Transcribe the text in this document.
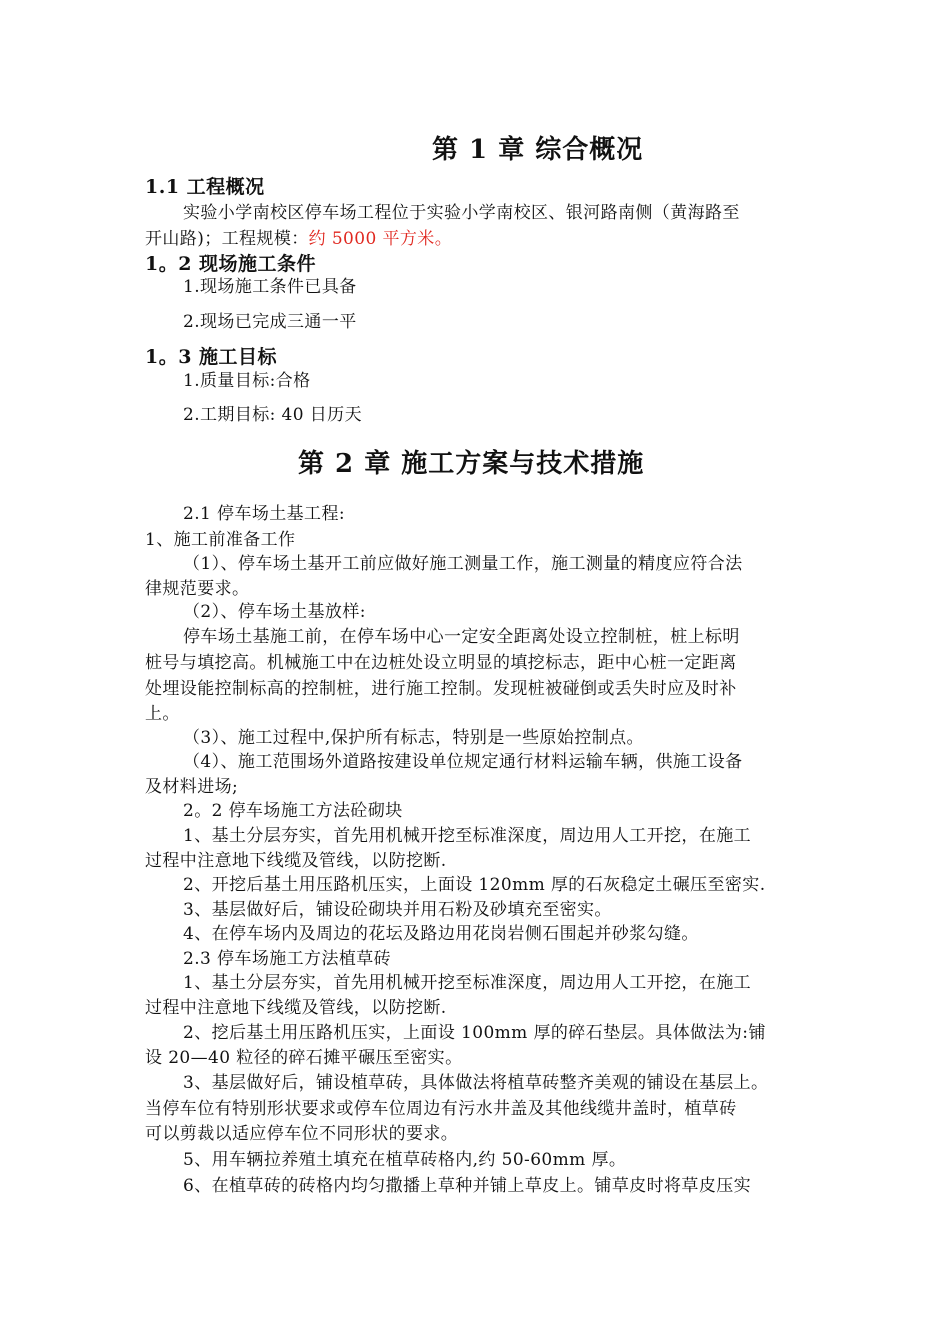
第 1 章 综合概况
1.1 工程概况
实验小学南校区停车场工程位于实验小学南校区、银河路南侧（黄海路至
开山路)；工程规模：约 5000 平方米。
1。2 现场施工条件
1.现场施工条件已具备
2.现场已完成三通一平
1。3 施工目标
1.质量目标:合格
2.工期目标: 40 日历天
第 2 章 施工方案与技术措施
2.1 停车场土基工程:
1、施工前准备工作
（1）、停车场土基开工前应做好施工测量工作，施工测量的精度应符合法
律规范要求。
（2）、停车场土基放样:
停车场土基施工前，在停车场中心一定安全距离处设立控制桩，桩上标明
桩号与填挖高。机械施工中在边桩处设立明显的填挖标志，距中心桩一定距离
处埋设能控制标高的控制桩，进行施工控制。发现桩被碰倒或丢失时应及时补
上。
（3）、施工过程中,保护所有标志，特别是一些原始控制点。
（4）、施工范围场外道路按建设单位规定通行材料运输车辆，供施工设备
及材料进场;
2。2 停车场施工方法砼砌块
1、基土分层夯实，首先用机械开挖至标准深度，周边用人工开挖，在施工
过程中注意地下线缆及管线，以防挖断.
2、开挖后基土用压路机压实，上面设 120mm 厚的石灰稳定土碾压至密实.
3、基层做好后，铺设砼砌块并用石粉及砂填充至密实。
4、在停车场内及周边的花坛及路边用花岗岩侧石围起并砂浆勾缝。
2.3 停车场施工方法植草砖
1、基土分层夯实，首先用机械开挖至标准深度，周边用人工开挖，在施工
过程中注意地下线缆及管线，以防挖断.
2、挖后基土用压路机压实，上面设 100mm 厚的碎石垫层。具体做法为:铺
设 20—40 粒径的碎石摊平碾压至密实。
3、基层做好后，铺设植草砖，具体做法将植草砖整齐美观的铺设在基层上。
当停车位有特别形状要求或停车位周边有污水井盖及其他线缆井盖时，植草砖
可以剪裁以适应停车位不同形状的要求。
5、用车辆拉养殖土填充在植草砖格内,约 50-60mm 厚。
6、在植草砖的砖格内均匀撒播上草种并铺上草皮上。铺草皮时将草皮压实
